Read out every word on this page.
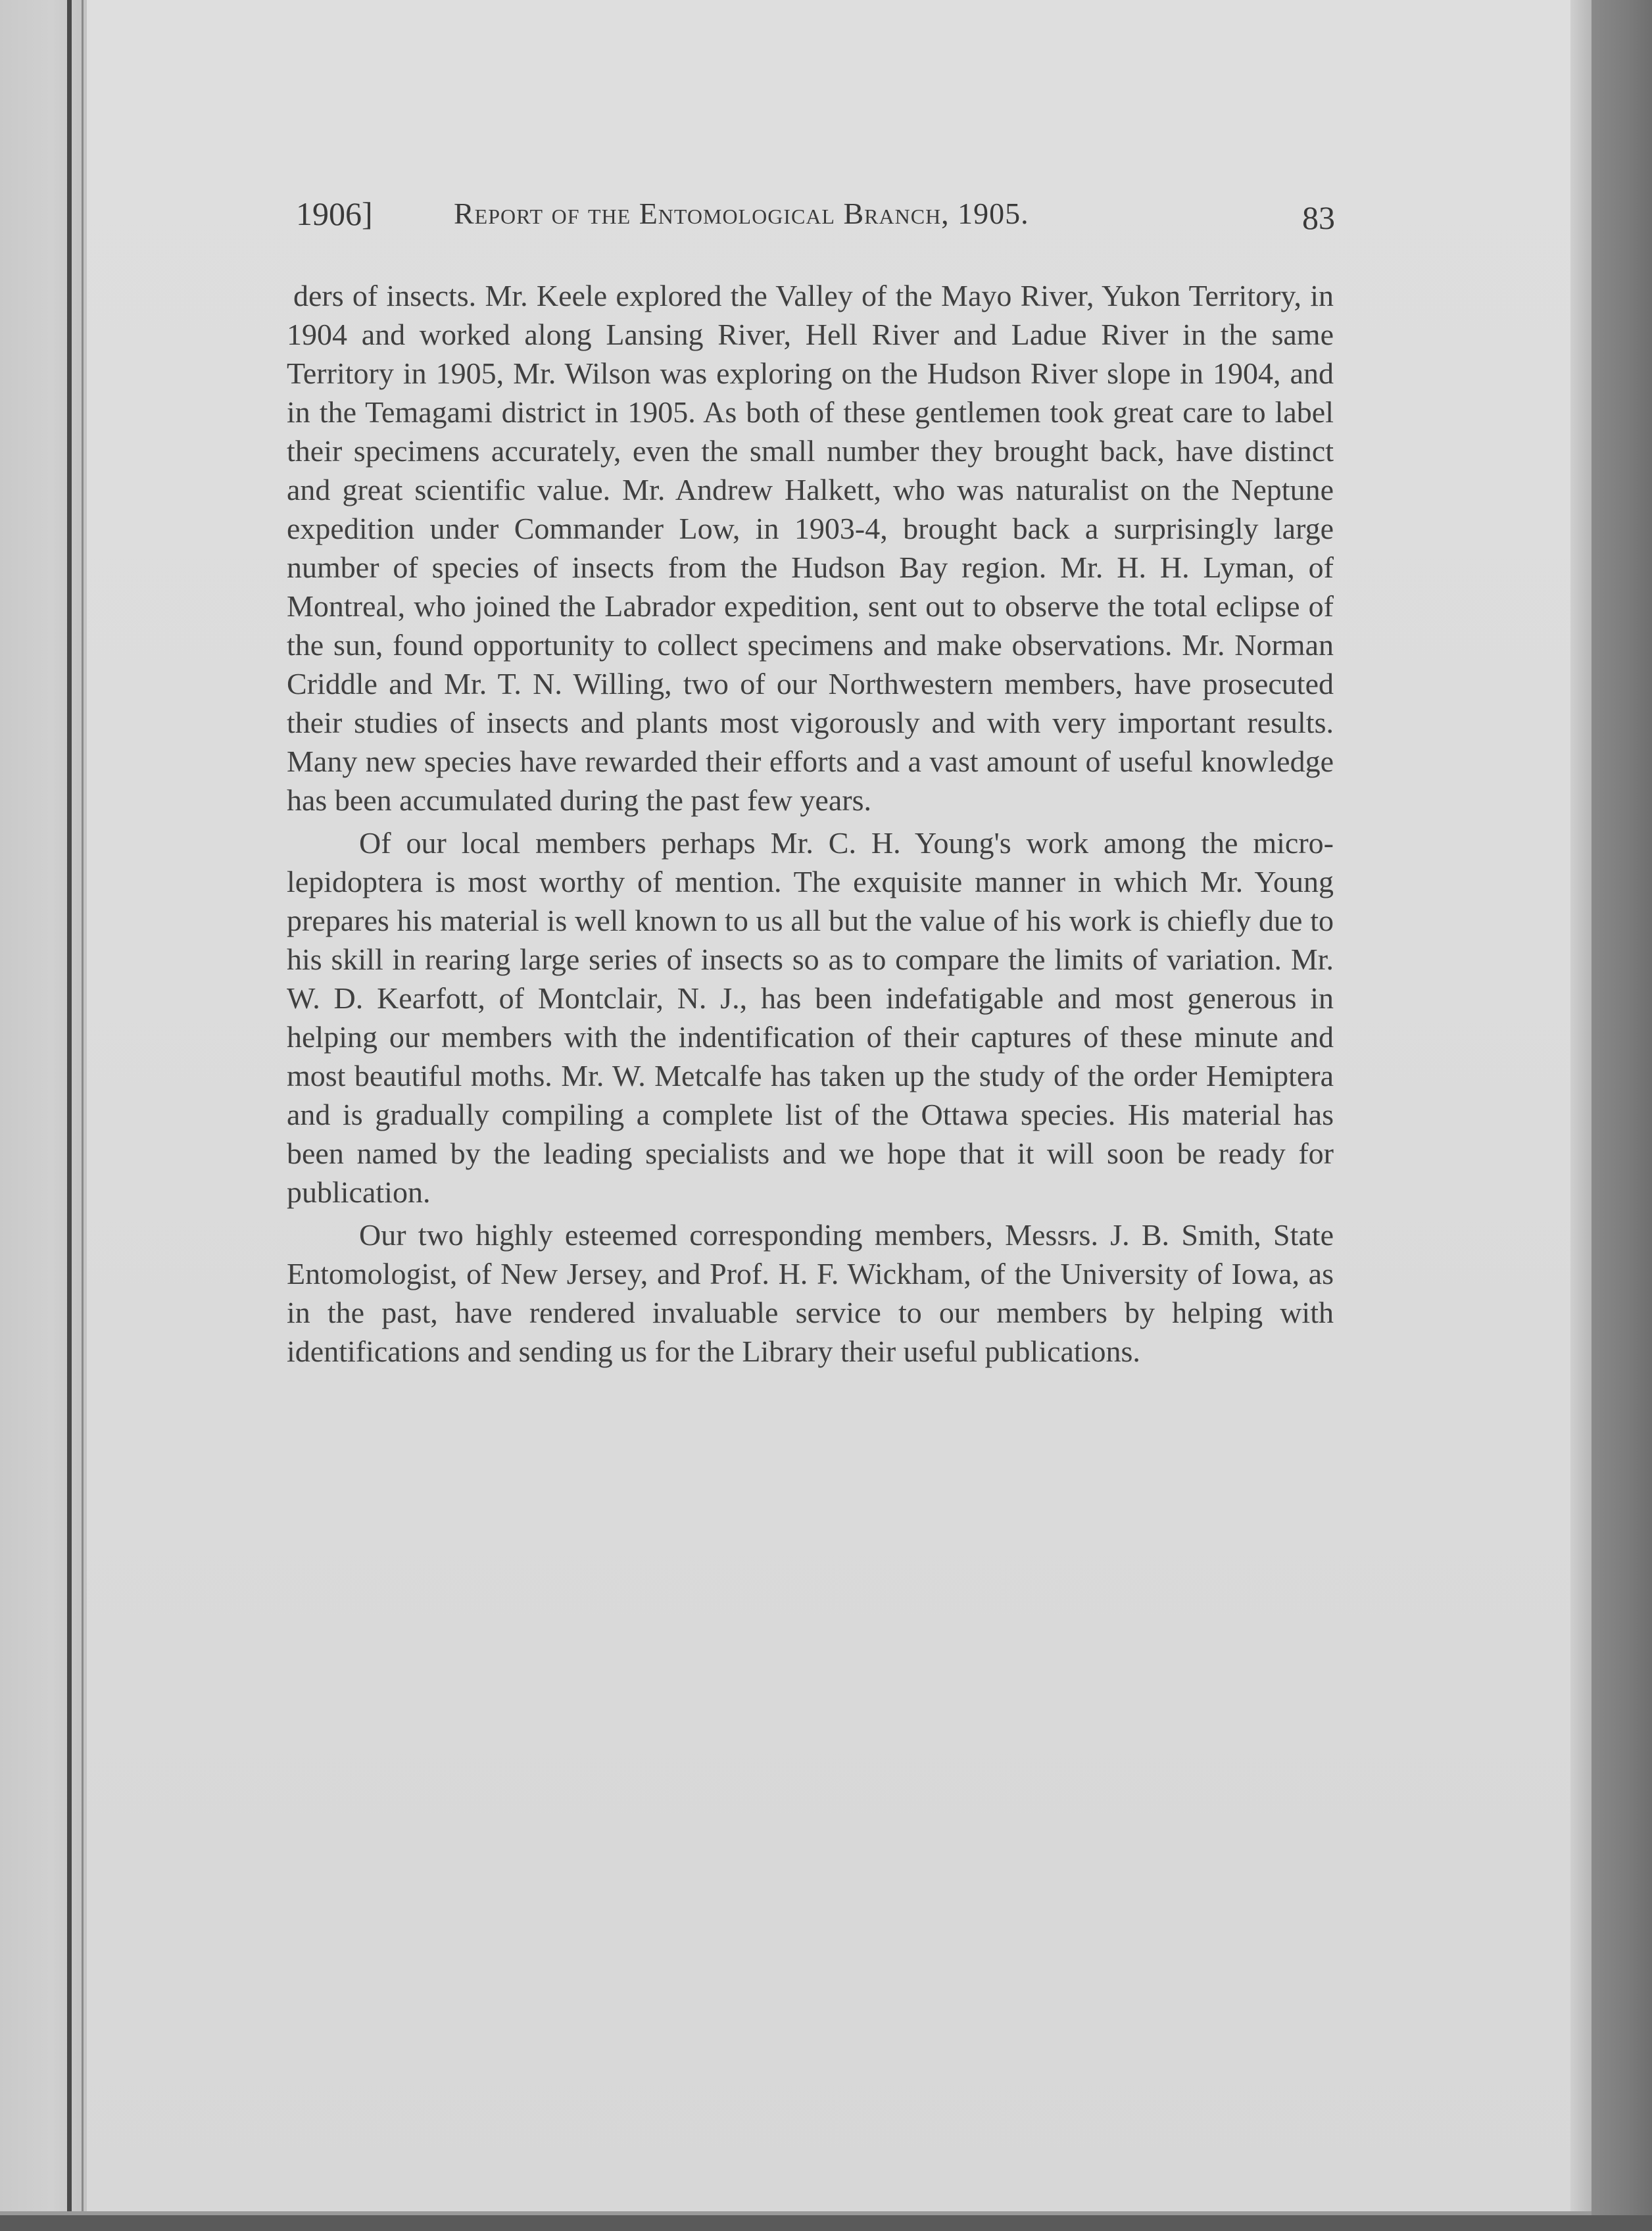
1906]	Report of the Entomological Branch, 1905.	83

ders of insects. Mr. Keele explored the Valley of the Mayo River, Yukon Territory, in 1904 and worked along Lansing River, Hell River and Ladue River in the same Territory in 1905, Mr. Wilson was exploring on the Hudson River slope in 1904, and in the Temagami district in 1905. As both of these gentlemen took great care to label their specimens accurately, even the small number they brought back, have distinct and great scientific value. Mr. Andrew Halkett, who was naturalist on the Neptune expedition under Commander Low, in 1903-4, brought back a surprisingly large number of species of insects from the Hudson Bay region. Mr. H. H. Lyman, of Montreal, who joined the Labrador expedition, sent out to observe the total eclipse of the sun, found opportunity to collect specimens and make observations. Mr. Norman Criddle and Mr. T. N. Willing, two of our Northwestern members, have prosecuted their studies of insects and plants most vigorously and with very important results. Many new species have rewarded their efforts and a vast amount of useful knowledge has been accumulated during the past few years.

Of our local members perhaps Mr. C. H. Young's work among the micro-lepidoptera is most worthy of mention. The exquisite manner in which Mr. Young prepares his material is well known to us all but the value of his work is chiefly due to his skill in rearing large series of insects so as to compare the limits of variation. Mr. W. D. Kearfott, of Montclair, N. J., has been indefatigable and most generous in helping our members with the indentification of their captures of these minute and most beautiful moths. Mr. W. Metcalfe has taken up the study of the order Hemiptera and is gradually compiling a complete list of the Ottawa species. His material has been named by the leading specialists and we hope that it will soon be ready for publication.

Our two highly esteemed corresponding members, Messrs. J. B. Smith, State Entomologist, of New Jersey, and Prof. H. F. Wickham, of the University of Iowa, as in the past, have rendered invaluable service to our members by helping with identifications and sending us for the Library their useful publications.
